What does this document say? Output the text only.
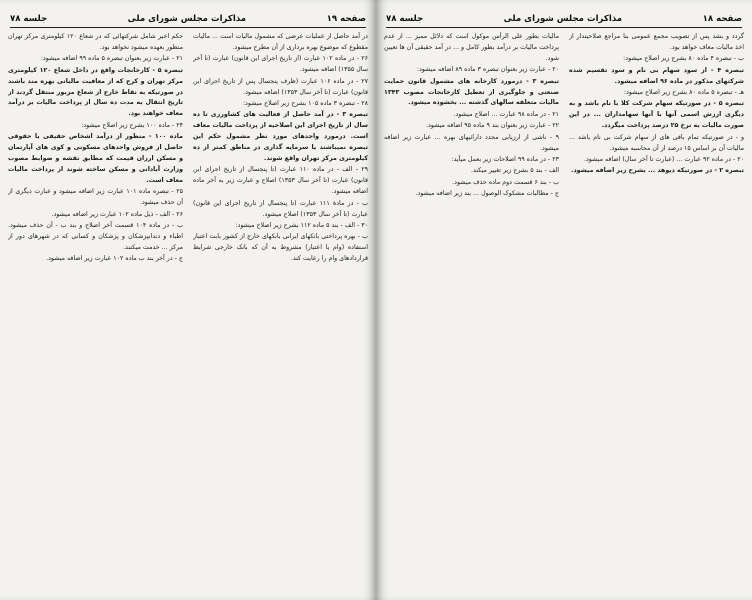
صفحه ۱۹
مذاکرات مجلس شورای ملی
جلسه ۷۸

در آمد حاصل از عملیات عرضی که مشمول مالیات است ... مالیات مقطوع که موضوع بهره برداری از آن مطرح میشود.

۲۶ - در ماده ۱۰۲ عبارت (از تاریخ اجرای این قانون) عبارت (تا آخر سال ۱۳۵۵) اضافه میشود.

۲۷ - در ماده ۱۰۶ عبارت (ظرف پنجسال پس از تاریخ اجرای این قانون) عبارت (تا آخر سال ۱۳۵۳) اضافه میشود.

۲۸ - تبصره ۳ ماده ۱۰۵ بشرح زیر اصلاح میشود:

تبصره ۳ - در آمد حاصل از فعالیت های کشاورزی تا ده سال از تاریخ اجرای این اصلاحیه از پرداخت مالیات معاف است. درمورد واحدهای مورد نظر مشمول حکم این تبصره نمیباشند یا سرمایه گذاری در مناطق کمتر از ده کیلومتری مرکز تهران واقع شوند.

۲۹ - الف - در ماده ۱۱۰ عبارت (تا پنجسال از تاریخ اجرای این قانون) عبارت (تا آخر سال ۱۳۵۳) اصلاح و عبارت زیر به آخر ماده اضافه میشود.

ب - در مادهٔ ۱۱۱ عبارت (تا پنجسال از تاریخ اجرای این قانون) عبارت (تا آخر سال ۱۳۵۳) اصلاح میشود.

۳۰ - الف - بند ۵ ماده ۱۱۲ بشرح زیر اصلاح میشود:

ب - بهره پرداختی بانکهای ایرانی بانکهای خارج از کشور بابت اعتبار استفاده (وام یا اعتبار) مشروط به آن که بانک خارجی شرایط قراردادهای وام را رعایت کند.

حکم اخیر شامل شرکتهائی که در شعاع ۱۲۰ کیلومتری مرکز تهران منظور بعهده میشود نخواهد بود.

۲۱ - عبارت زیر بعنوان تبصره ۵ ماده ۹۹ اضافه میشود:

تبصره ۵ - کارخانجات واقع در داخل شعاع ۱۲۰ کیلومتری مرکز تهران و کرج که از معافیت مالیاتی بهره مند باشند در صورتیکه به نقاط خارج از شعاع مزبور منتقل گردند از تاریخ انتقال به مدت ده سال از پرداخت مالیات بر درآمد معاف خواهند بود.

۲۴ - ماده ۱۰۰ بشرح زیر اصلاح میشود:

ماده ۱۰۰ - منظور از درآمد اشخاص حقیقی یا حقوقی حاصل از فروش واحدهای مسکونی و کوی های آپارتمان و مسکن ارزان قیمت که مطابق نقشه و ضوابط مصوب وزارت آبادانی و مسکن ساخته شوند از پرداخت مالیات معاف است.

۲۵ - تبصره ماده ۱۰۱ عبارت زیر اضافه میشود و عبارت دیگری از آن حذف میشود.

۲۶ - الف - ذیل ماده ۱۰۲ عبارت زیر اضافه میشود.

ب - در ماده ۱۰۴ قسمت آخر اصلاح و بند ب - آن حذف میشود. اطباء و دندانپزشکان و پزشکان و کسانی که در شهرهای دور از مرکز ... خدمت میکنند.

ج - در آخر بند ب ماده ۱۰۲ عبارت زیر اضافه میشود.

صفحه ۱۸
مذاکرات مجلس شورای ملی
جلسه ۷۸

گردد و بشد پس از تصویب مجمع عمومی بنا مراجع صلاحیتدار از اخذ مالیات معاف خواهد بود.

ب - تبصره ۴ ماده ۸۰ بشرح زیر اصلاح میشود:

تبصره ۴ - از سود سهام بی نام و سود تقسیم شده شرکتهای مذکور در ماده ۹۶ اضافه میشود.

هـ - تبصره ۵ ماده ۸۰ بشرح زیر اصلاح میشود:

تبصره ۵ - در صورتیکه سهام شرکت کلا با نام باشد و به دیگری ارزش اسمی آنها با آنها سهامداران ... در این صورت مالیات به نرخ ۲۵ درصد پرداخت میگردد.

و - در صورتیکه تمام بافی های از سهام شرکت بی نام باشد ... مالیات آن بر اساس ۱۵ درصد از آن محاسبه میشود.

۲۰ - در ماده ۹۲ عبارت ... (عبارت تا آخر سال) اضافه میشود.

تبصره ۲ - در صورتیکه دیوهد ... بشرح زیر اضافه میشود.

مالیات بطور علی الرأس موکول است که دلائل ممیز ... از عدم پرداخت مالیات بر درآمد بطور کامل و ... در آمد حقیقی آن ها تعیین شود.

۲۰ - عبارت زیر بعنوان تبصره ۳ ماده ۸۹ اضافه میشود:

تبصره ۳ - درمورد کارخانه های مشمول قانون حمایت صنعتی و جلوگیری از تعطیل کارخانجات مصوب ۱۳۴۳ مالیات متعلقه سالهای گذشته ... بخشوده میشود.

۲۱ - در ماده ۹۸ عبارت ... اصلاح میشود.

۲۲ - عبارت زیر بعنوان بند ۹ ماده ۹۵ اضافه میشود.

۹ - ناشی از ارزیابی مجدد دارائیهای بهره ... عبارت زیر اضافه میشود.

۲۳ - در ماده ۹۹ اصلاحات زیر بعمل میآید:

الف - بند ۵ بشرح زیر تغییر میکند.

ب - بند ۶ قسمت دوم ماده حذف میشود.

ج - مطالبات مشکوک الوصول ... بند زیر اضافه میشود.
